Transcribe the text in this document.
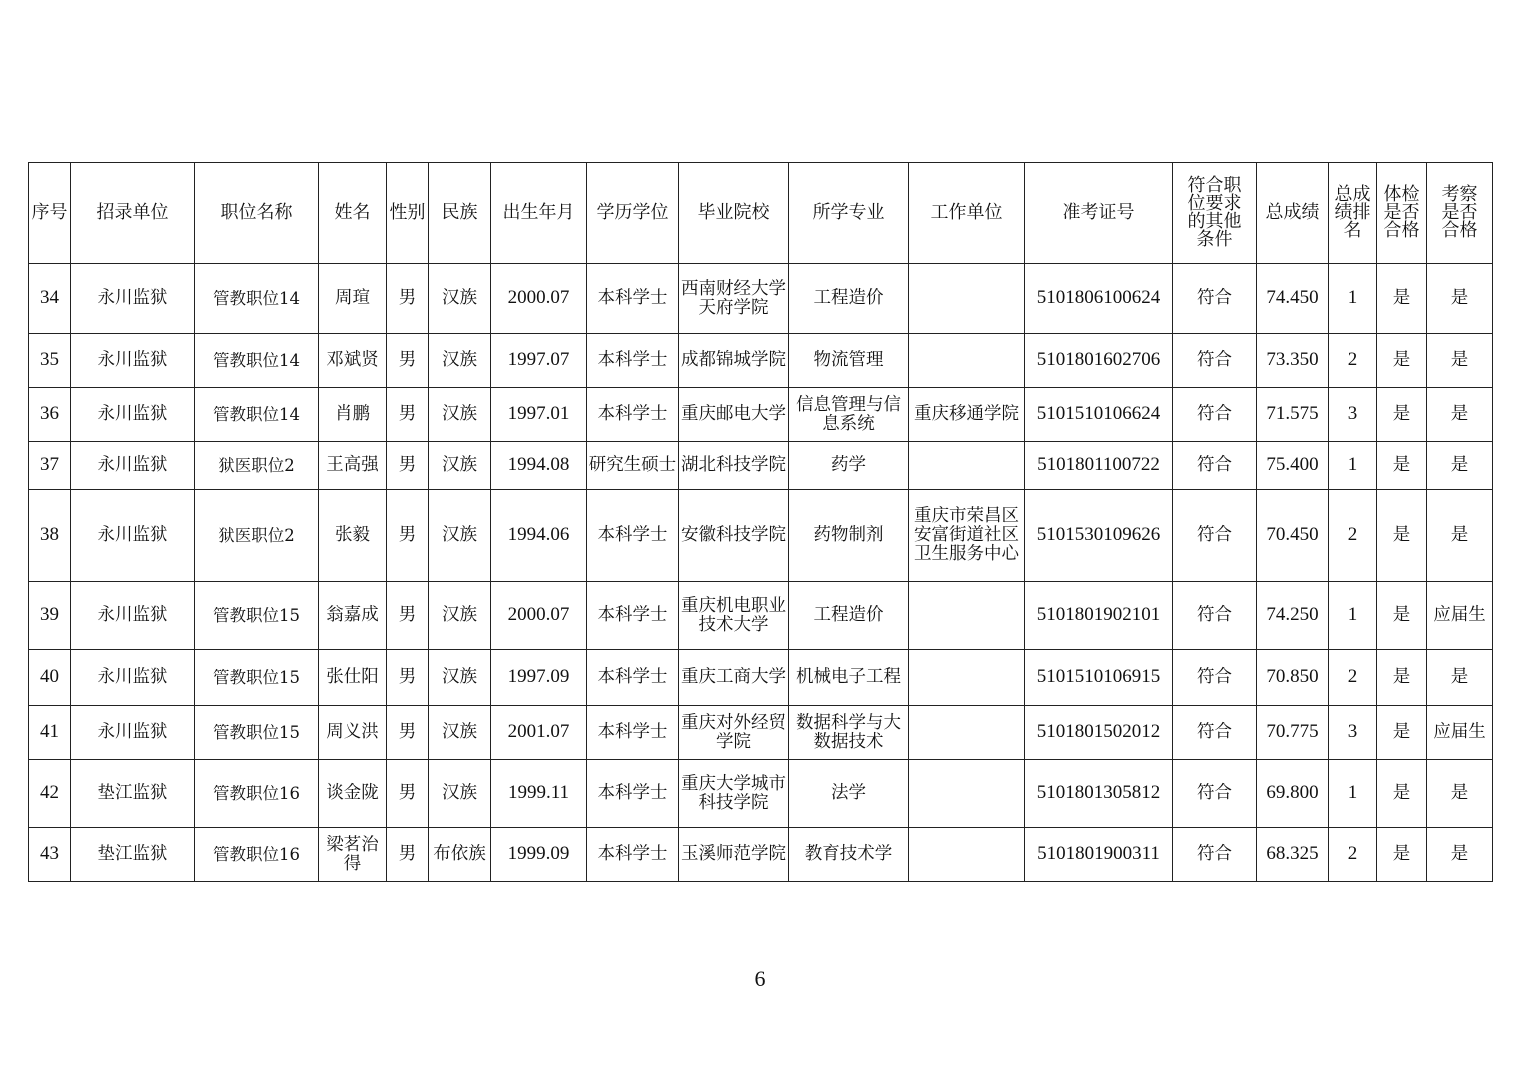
序号	招录单位	职位名称	姓名	性别	民族	出生年月	学历学位	毕业院校	所学专业	工作单位	准考证号	符合职位要求的其他条件	总成绩	总成绩排名	体检是否合格	考察是否合格
34	永川监狱	管教职位14	周瑄	男	汉族	2000.07	本科学士	西南财经大学天府学院	工程造价		5101806100624	符合	74.450	1	是	是
35	永川监狱	管教职位14	邓斌贤	男	汉族	1997.07	本科学士	成都锦城学院	物流管理		5101801602706	符合	73.350	2	是	是
36	永川监狱	管教职位14	肖鹏	男	汉族	1997.01	本科学士	重庆邮电大学	信息管理与信息系统	重庆移通学院	5101510106624	符合	71.575	3	是	是
37	永川监狱	狱医职位2	王高强	男	汉族	1994.08	研究生硕士	湖北科技学院	药学		5101801100722	符合	75.400	1	是	是
38	永川监狱	狱医职位2	张毅	男	汉族	1994.06	本科学士	安徽科技学院	药物制剂	重庆市荣昌区安富街道社区卫生服务中心	5101530109626	符合	70.450	2	是	是
39	永川监狱	管教职位15	翁嘉成	男	汉族	2000.07	本科学士	重庆机电职业技术大学	工程造价		5101801902101	符合	74.250	1	是	应届生
40	永川监狱	管教职位15	张仕阳	男	汉族	1997.09	本科学士	重庆工商大学	机械电子工程		5101510106915	符合	70.850	2	是	是
41	永川监狱	管教职位15	周义洪	男	汉族	2001.07	本科学士	重庆对外经贸学院	数据科学与大数据技术		5101801502012	符合	70.775	3	是	应届生
42	垫江监狱	管教职位16	谈金陇	男	汉族	1999.11	本科学士	重庆大学城市科技学院	法学		5101801305812	符合	69.800	1	是	是
43	垫江监狱	管教职位16	梁茗治得	男	布依族	1999.09	本科学士	玉溪师范学院	教育技术学		5101801900311	符合	68.325	2	是	是
6
